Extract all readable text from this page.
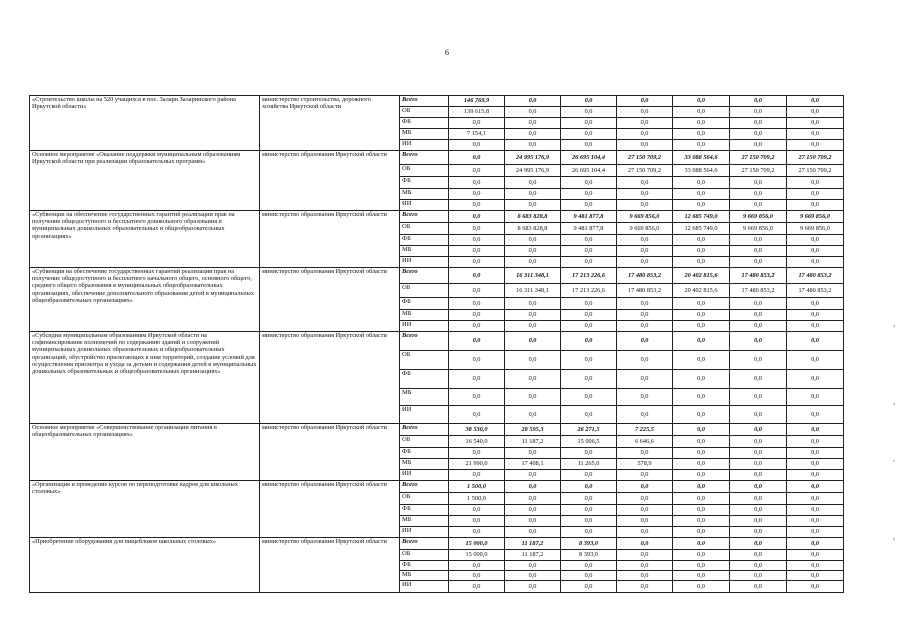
6
«Строительство школы на 520 учащихся в пос. Залари Заларинского района Иркутской области»	министерство строительства, дорожного хозяйства Иркутской области	Всего	146 769,9	0,0	0,0	0,0	0,0	0,0	0,0
		ОБ	139 615,8	0,0	0,0	0,0	0,0	0,0	0,0
		ФБ	0,0	0,0	0,0	0,0	0,0	0,0	0,0
		МБ	7 154,1	0,0	0,0	0,0	0,0	0,0	0,0
		ИИ	0,0	0,0	0,0	0,0	0,0	0,0	0,0
Основное мероприятие «Оказание поддержки муниципальным образованиям Иркутской области при реализации образовательных программ»	министерство образования Иркутской области	Всего	0,0	24 995 176,9	26 695 104,4	27 150 709,2	33 088 564,6	27 150 709,2	27 150 709,2
		ОБ	0,0	24 995 176,9	26 695 104,4	27 150 709,2	33 088 564,6	27 150 709,2	27 150 709,2
		ФБ	0,0	0,0	0,0	0,0	0,0	0,0	0,0
		МБ	0,0	0,0	0,0	0,0	0,0	0,0	0,0
		ИИ	0,0	0,0	0,0	0,0	0,0	0,0	0,0
«Субвенции на обеспечение государственных гарантий реализации прав на получение общедоступного и бесплатного дошкольного образования в муниципальных дошкольных образовательных и общеобразовательных организациях»	министерство образования Иркутской области	Всего	0,0	8 683 828,8	9 481 877,8	9 669 856,0	12 685 749,0	9 669 856,0	9 669 856,0
		ОБ	0,0	8 683 828,8	9 481 877,8	9 669 856,0	12 685 749,0	9 669 856,0	9 669 856,0
		ФБ	0,0	0,0	0,0	0,0	0,0	0,0	0,0
		МБ	0,0	0,0	0,0	0,0	0,0	0,0	0,0
		ИИ	0,0	0,0	0,0	0,0	0,0	0,0	0,0
«Субвенция на обеспечение государственных гарантий реализации прав на получение общедоступного и бесплатного начального общего, основного общего, среднего общего образования в муниципальных общеобразовательных организациях, обеспечение дополнительного образования детей в муниципальных общеобразовательных организациях»	министерство образования Иркутской области	Всего	0,0	16 311 348,1	17 213 226,6	17 480 853,2	20 402 815,6	17 480 853,2	17 480 853,2
		ОБ	0,0	16 311 348,1	17 213 226,6	17 480 853,2	20 402 815,6	17 480 853,2	17 480 853,2
		ФБ	0,0	0,0	0,0	0,0	0,0	0,0	0,0
		МБ	0,0	0,0	0,0	0,0	0,0	0,0	0,0
		ИИ	0,0	0,0	0,0	0,0	0,0	0,0	0,0
«Субсидии муниципальным образованиям Иркутской области на софинансирование полномочий по содержанию зданий и сооружений муниципальных дошкольных образовательных и общеобразовательных организаций, обустройство прилегающих к ним территорий, создание условий для осуществления присмотра и ухода за детьми и содержания детей в муниципальных дошкольных образовательных и общеобразовательных организациях»	министерство образования Иркутской области	Всего	0,0	0,0	0,0	0,0	0,0	0,0	0,0
		ОБ	0,0	0,0	0,0	0,0	0,0	0,0	0,0
		ФБ	0,0	0,0	0,0	0,0	0,0	0,0	0,0
		МБ	0,0	0,0	0,0	0,0	0,0	0,0	0,0
		ИИ	0,0	0,0	0,0	0,0	0,0	0,0	0,0
Основное мероприятие «Совершенствование организации питания в общеобразовательных организациях»	министерство образования Иркутской области	Всего	38 530,0	28 595,3	26 271,5	7 225,5	0,0	0,0	0,0
		ОБ	16 540,0	11 187,2	15 006,5	6 646,6	0,0	0,0	0,0
		ФБ	0,0	0,0	0,0	0,0	0,0	0,0	0,0
		МБ	21 990,0	17 408,1	11 265,0	578,9	0,0	0,0	0,0
		ИИ	0,0	0,0	0,0	0,0	0,0	0,0	0,0
«Организация и проведение курсов по переподготовке кадров для школьных столовых»	министерство образования Иркутской области	Всего	1 500,0	0,0	0,0	0,0	0,0	0,0	0,0
		ОБ	1 500,0	0,0	0,0	0,0	0,0	0,0	0,0
		ФБ	0,0	0,0	0,0	0,0	0,0	0,0	0,0
		МБ	0,0	0,0	0,0	0,0	0,0	0,0	0,0
		ИИ	0,0	0,0	0,0	0,0	0,0	0,0	0,0
«Приобретение оборудования для пищеблоков школьных столовых»	министерство образования Иркутской области	Всего	15 000,0	11 187,2	8 393,0	0,0	0,0	0,0	0,0
		ОБ	15 000,0	11 187,2	8 393,0	0,0	0,0	0,0	0,0
		ФБ	0,0	0,0	0,0	0,0	0,0	0,0	0,0
		МБ	0,0	0,0	0,0	0,0	0,0	0,0	0,0
		ИИ	0,0	0,0	0,0	0,0	0,0	0,0	0,0
‹
‹
,
‹
